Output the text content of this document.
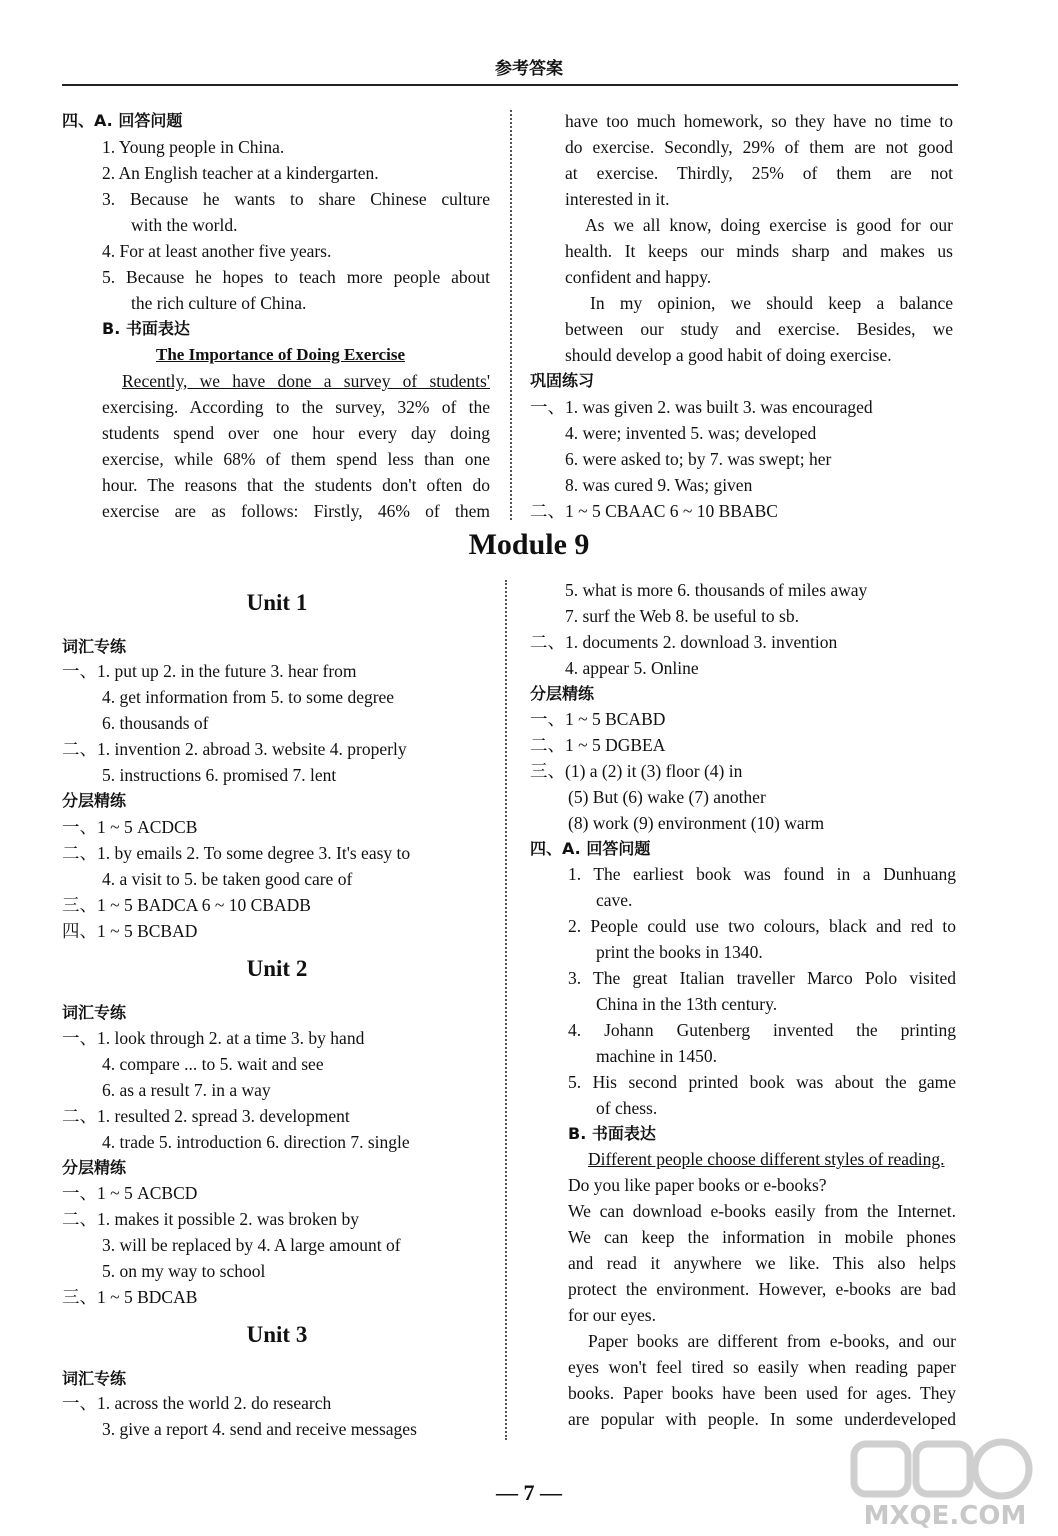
参考答案
四、A. 回答问题
1. Young people in China.
2. An English teacher at a kindergarten.
3. Because he wants to share Chinese culture
with the world.
4. For at least another five years.
5. Because he hopes to teach more people about
the rich culture of China.
B. 书面表达
The Importance of Doing Exercise
Recently, we have done a survey of students'
exercising. According to the survey, 32% of the
students spend over one hour every day doing
exercise, while 68% of them spend less than one
hour. The reasons that the students don't often do
exercise are as follows: Firstly, 46% of them
have too much homework, so they have no time to
do exercise. Secondly, 29% of them are not good
at exercise. Thirdly, 25% of them are not
interested in it.
As we all know, doing exercise is good for our
health. It keeps our minds sharp and makes us
confident and happy.
In my opinion, we should keep a balance
between our study and exercise. Besides, we
should develop a good habit of doing exercise.
巩固练习
一、1. was given 2. was built 3. was encouraged
4. were; invented 5. was; developed
6. were asked to; by 7. was swept; her
8. was cured 9. Was; given
二、1 ~ 5 CBAAC 6 ~ 10 BBABC
Module 9
Unit 1
词汇专练
一、1. put up 2. in the future 3. hear from
4. get information from 5. to some degree
6. thousands of
二、1. invention 2. abroad 3. website 4. properly
5. instructions 6. promised 7. lent
分层精练
一、1 ~ 5 ACDCB
二、1. by emails 2. To some degree 3. It's easy to
4. a visit to 5. be taken good care of
三、1 ~ 5 BADCA 6 ~ 10 CBADB
四、1 ~ 5 BCBAD
Unit 2
词汇专练
一、1. look through 2. at a time 3. by hand
4. compare ... to 5. wait and see
6. as a result 7. in a way
二、1. resulted 2. spread 3. development
4. trade 5. introduction 6. direction 7. single
分层精练
一、1 ~ 5 ACBCD
二、1. makes it possible 2. was broken by
3. will be replaced by 4. A large amount of
5. on my way to school
三、1 ~ 5 BDCAB
Unit 3
词汇专练
一、1. across the world 2. do research
3. give a report 4. send and receive messages
5. what is more 6. thousands of miles away
7. surf the Web 8. be useful to sb.
二、1. documents 2. download 3. invention
4. appear 5. Online
分层精练
一、1 ~ 5 BCABD
二、1 ~ 5 DGBEA
三、(1) a (2) it (3) floor (4) in
(5) But (6) wake (7) another
(8) work (9) environment (10) warm
四、A. 回答问题
1. The earliest book was found in a Dunhuang
cave.
2. People could use two colours, black and red to
print the books in 1340.
3. The great Italian traveller Marco Polo visited
China in the 13th century.
4. Johann Gutenberg invented the printing
machine in 1450.
5. His second printed book was about the game
of chess.
B. 书面表达
Different people choose different styles of reading.
Do you like paper books or e-books?
We can download e-books easily from the Internet.
We can keep the information in mobile phones
and read it anywhere we like. This also helps
protect the environment. However, e-books are bad
for our eyes.
Paper books are different from e-books, and our
eyes won't feel tired so easily when reading paper
books. Paper books have been used for ages. They
are popular with people. In some underdeveloped
— 7 —
MXQE.COM
